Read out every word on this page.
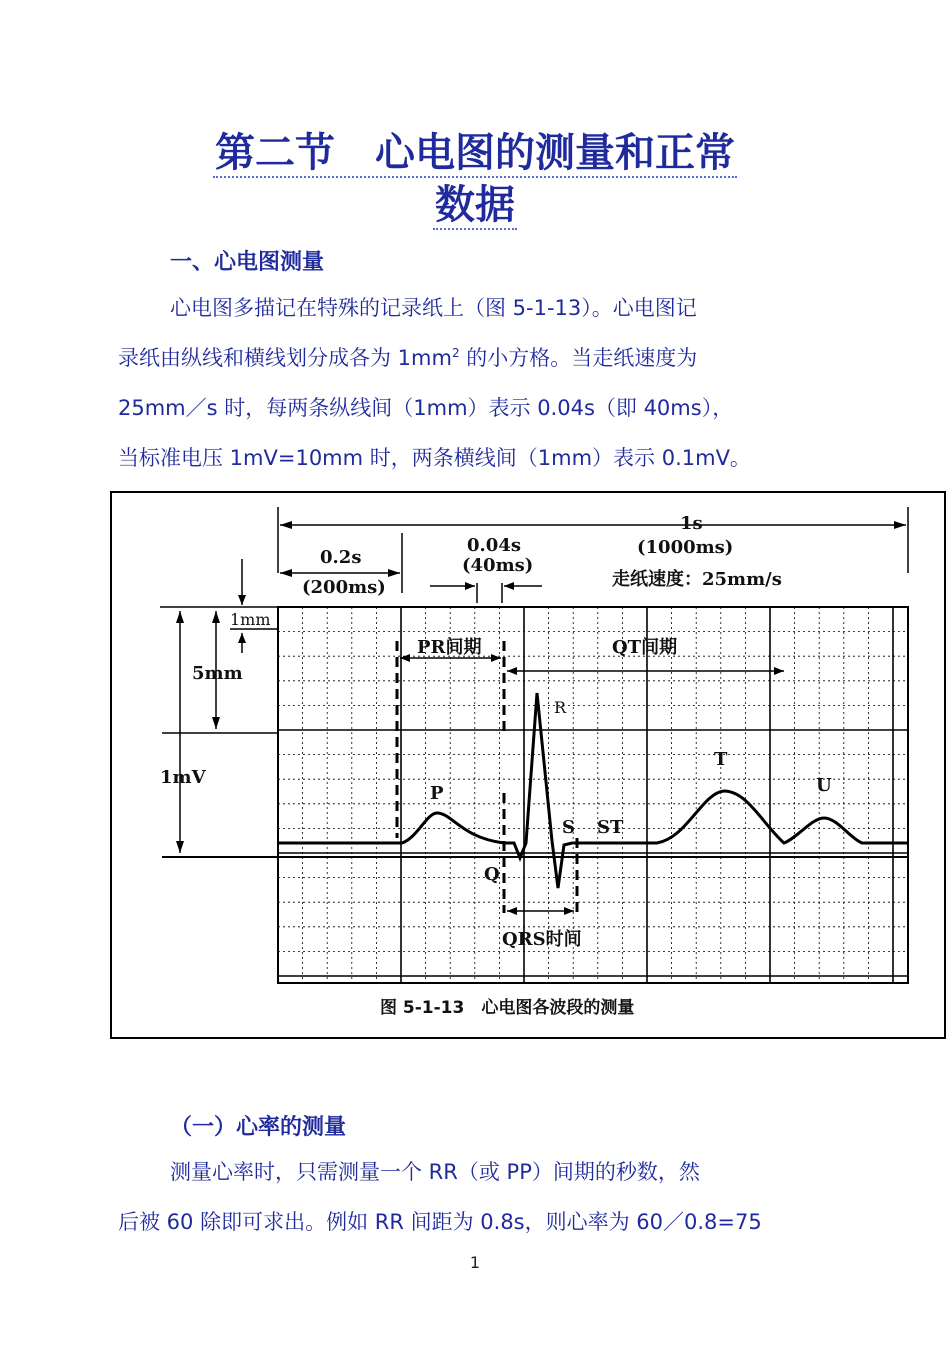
第二节　心电图的测量和正常
数据
一、心电图测量

心电图多描记在特殊的记录纸上（图 5-1-13）。心电图记

录纸由纵线和横线划分成各为 $1mm^2$ 的小方格。当走纸速度为

25mm／s 时，每两条纵线间（1mm）表示 0.04s（即 40ms），

当标准电压 1mV=10mm 时，两条横线间（1mm）表示 0.1mV。

1s
(1000ms)
走纸速度：25mm/s
0.04s
(40ms)
0.2s
(200ms)
1mm
5mm
1mV
PR间期	QT间期
P
Q
R
S ST
T
U
QRS时间
图 5-1-13　心电图各波段的测量
（一）心率的测量

测量心率时，只需测量一个 RR（或 PP）间期的秒数，然

后被 60 除即可求出。例如 RR 间距为 0.8s，则心率为 60／0.8=75

1
